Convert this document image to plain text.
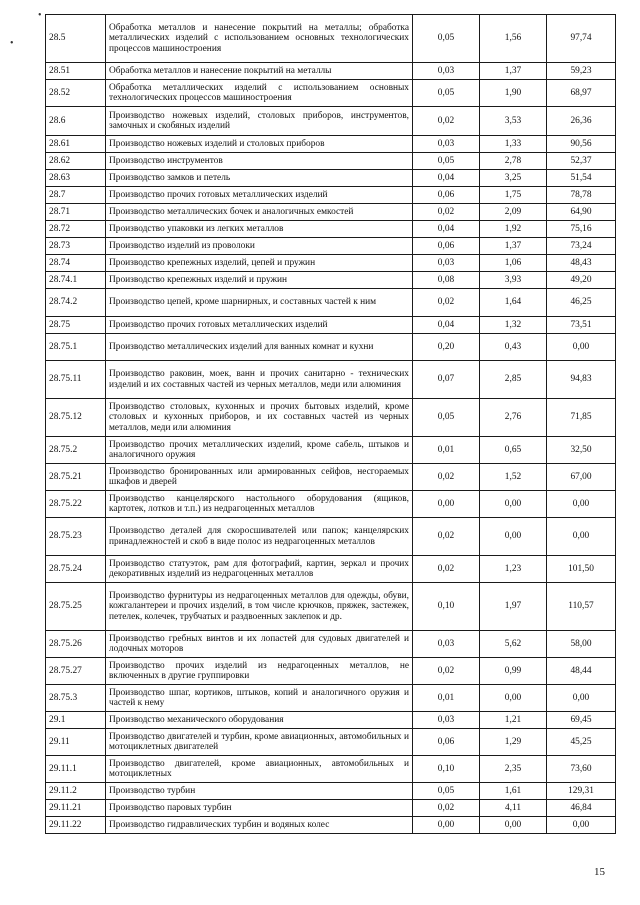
•
•	28.5	Обработка металлов и нанесение покрытий на металлы; обработка металлических изделий с использованием основных технологических процессов машиностроения	0,05	1,56	97,74
28.51	Обработка металлов и нанесение покрытий на металлы	0,03	1,37	59,23
28.52	Обработка металлических изделий с использованием основных технологических процессов машиностроения	0,05	1,90	68,97
28.6	Производство ножевых изделий, столовых приборов, инструментов, замочных и скобяных изделий	0,02	3,53	26,36
28.61	Производство ножевых изделий и столовых приборов	0,03	1,33	90,56
28.62	Производство инструментов	0,05	2,78	52,37
28.63	Производство замков и петель	0,04	3,25	51,54
28.7	Производство прочих готовых металлических изделий	0,06	1,75	78,78
28.71	Производство металлических бочек и аналогичных емкостей	0,02	2,09	64,90
28.72	Производство упаковки из легких металлов	0,04	1,92	75,16
28.73	Производство изделий из проволоки	0,06	1,37	73,24
28.74	Производство крепежных изделий, цепей и пружин	0,03	1,06	48,43
28.74.1	Производство крепежных изделий и пружин	0,08	3,93	49,20
28.74.2	Производство цепей, кроме шарнирных, и составных частей к ним	0,02	1,64	46,25
28.75	Производство прочих готовых металлических изделий	0,04	1,32	73,51
28.75.1	Производство металлических изделий для ванных комнат и кухни	0,20	0,43	0,00
28.75.11	Производство раковин, моек, ванн и прочих санитарно - технических изделий и их составных частей из черных металлов, меди или алюминия	0,07	2,85	94,83
28.75.12	Производство столовых, кухонных и прочих бытовых изделий, кроме столовых и кухонных приборов, и их составных частей из черных металлов, меди или алюминия	0,05	2,76	71,85
28.75.2	Производство прочих металлических изделий, кроме сабель, штыков и аналогичного оружия	0,01	0,65	32,50
28.75.21	Производство бронированных или армированных сейфов, несгораемых шкафов и дверей	0,02	1,52	67,00
28.75.22	Производство канцелярского настольного оборудования (ящиков, картотек, лотков и т.п.) из недрагоценных металлов	0,00	0,00	0,00
28.75.23	Производство деталей для скоросшивателей или папок; канцелярских принадлежностей и скоб в виде полос из недрагоценных металлов	0,02	0,00	0,00
28.75.24	Производство статуэток, рам для фотографий, картин, зеркал и прочих декоративных изделий из недрагоценных металлов	0,02	1,23	101,50
28.75.25	Производство фурнитуры из недрагоценных металлов для одежды, обуви, кожгалантереи и прочих изделий, в том числе крючков, пряжек, застежек, петелек, колечек, трубчатых и раздвоенных заклепок и др.	0,10	1,97	110,57
28.75.26	Производство гребных винтов и их лопастей для судовых двигателей и лодочных моторов	0,03	5,62	58,00
28.75.27	Производство прочих изделий из недрагоценных металлов, не включенных в другие группировки	0,02	0,99	48,44
28.75.3	Производство шпаг, кортиков, штыков, копий и аналогичного оружия и частей к нему	0,01	0,00	0,00
29.1	Производство механического оборудования	0,03	1,21	69,45
29.11	Производство двигателей и турбин, кроме авиационных, автомобильных и мотоциклетных двигателей	0,06	1,29	45,25
29.11.1	Производство двигателей, кроме авиационных, автомобильных и мотоциклетных	0,10	2,35	73,60
29.11.2	Производство турбин	0,05	1,61	129,31
29.11.21	Производство паровых турбин	0,02	4,11	46,84
29.11.22	Производство гидравлических турбин и водяных колес	0,00	0,00	0,00
15
